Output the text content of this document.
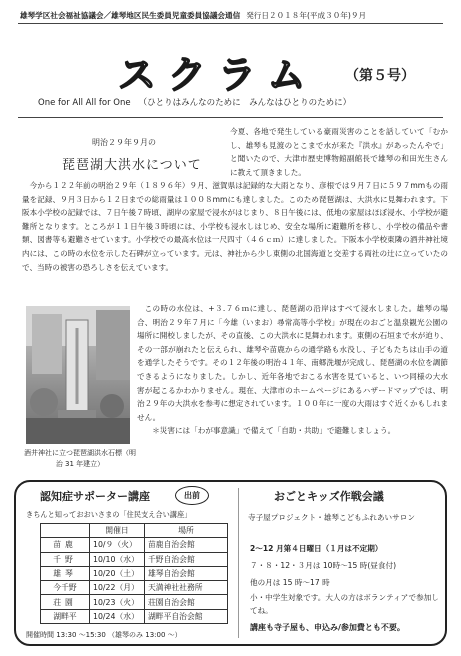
雄琴学区社会福祉協議会／雄琴地区民生委員児童委員協議会通信 発行日２０１８年(平成３０年)９月
スクラム （第５号）
One for All All for One （ひとりはみんなのために　みんなはひとりのために）
明治２９年９月の
琵琶湖大洪水について
今夏、各地で発生している豪雨災害のことを話していて「むかし、雄琴も見渡のとこまで水が来た『洪水』があったんやで」と聞いたので、大津市歴史博物館副館長で雄琴の和田光生さんに教えて頂きました。
今から１２２年前の明治２９年（１８９６年）９月、滋賀県は記録的な大雨となり、彦根では９月７日に５９７mmもの雨量を記録、９月３日から１２日までの総雨量は１００８mmにも達しました。このため琵琶湖は、大洪水に見舞われます。下阪本小学校の記録では、７日午後７時頃、湖岸の家屋で浸水がはじまり、８日午後には、低地の家屋はほぼ浸水、小学校が避難所となります。ところが１１日午後３時頃には、小学校も浸水しはじめ、安全な場所に避難所を移し、小学校の備品や書類、図書等も避難させています。小学校での最高水位は一尺四寸（４６ｃｍ）に達しました。下阪本小学校東隣の酒井神社境内には、この時の水位を示した石碑が立っています。元は、神社から少し東側の北国海道と交差する両社の辻に立っていたので、当時の被害の恐ろしさを伝えています。
酒井神社に立つ琵琶湖洪水石標（明治 31 年建立）
この時の水位は、+３.７６ｍに達し、琵琶湖の沿岸はすべて浸水しました。雄琴の場合、明治２９年７月に「今雄（いまお）尋常高等小学校」が現在のおごと温泉観光公園の場所に開校しましたが、その直後、この大洪水に見舞われます。東側の石垣まで水が迫り、その一部が崩れたと伝えられ、雄琴や苗鹿からの通学路も水没し、子どもたちは山手の道を通学したそうです。その１２年後の明治４１年、南郷洗堰が完成し、琵琶湖の水位を調節できるようになりました。しかし、近年各地でおこる水害を見ていると、いつ同様の大水害が起こるかわかりません。現在、大津市のホームページにあるハザードマップでは、明治２９年の大洪水を参考に想定されています。１００年に一度の大雨はすぐ近くかもしれません。
＊災害には「わが事意識」で備えて「自助・共助」で避難しましょう。
認知症サポーター講座	出前
きちんと知っておおいさまの「住民支え合い講座」
	開催日	場所
苗鹿	10/９（火）	苗鹿自治会館
千野	10/10（水）	千野自治会館
雄琴	10/20（土）	雄琴自治会館
今千野	10/22（月）	天満神社社務所
荘園	10/23（火）	荘園自治会館
湖畔平	10/24（水）	湖畔平自治会館
開催時間 13:30 ～15:30 （雄琴のみ 13:00 ～）
おごとキッズ作戦会議
寺子屋プロジェクト・雄琴こどもふれあいサロン
2～12 月第４日曜日（１月は不定期）
７・８・12・３月は 10時～15 時(昼食付)
他の月は 15 時～17 時
小・中学生対象です。大人の方はボランティアで参加してね。
講座も寺子屋も、申込み/参加費とも不要。
